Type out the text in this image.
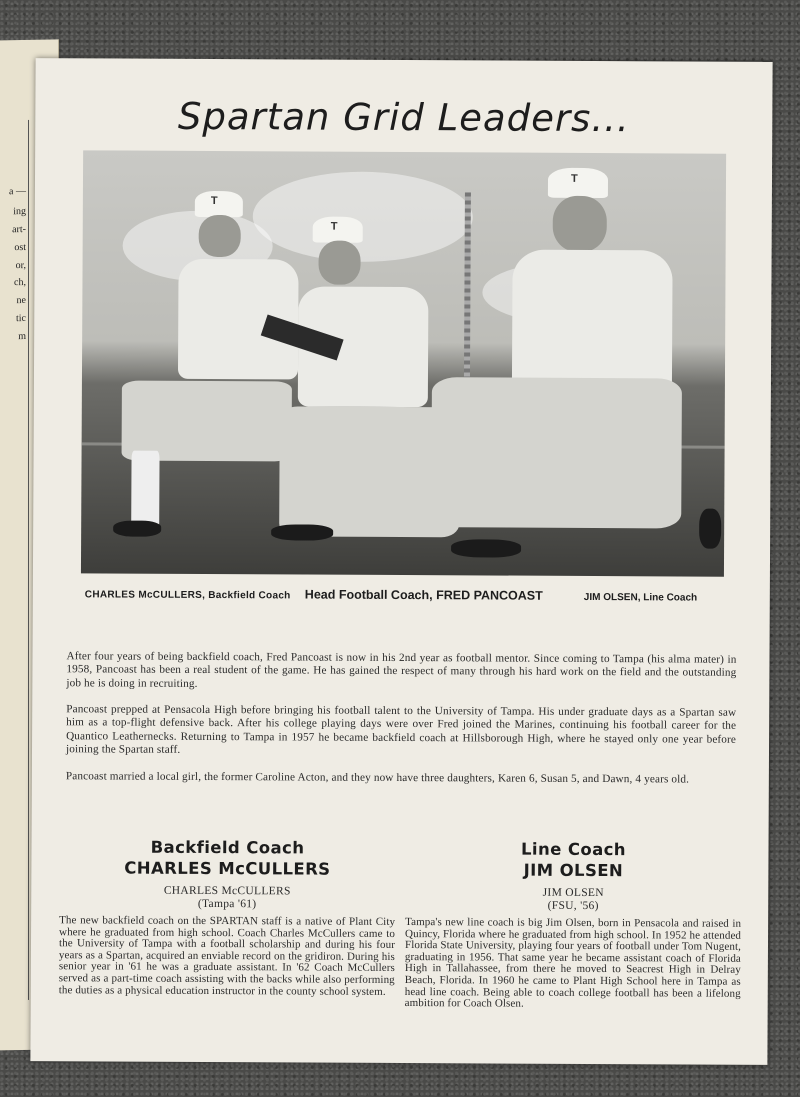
a —
ing
art-
ost
or,
ch,
ne
tic
m
Spartan Grid Leaders...
T
T
T
CHARLES McCULLERS, Backfield Coach Head Football Coach, FRED PANCOAST	JIM OLSEN, Line Coach
After four years of being backfield coach, Fred Pancoast is now in his 2nd year as football mentor. Since coming to Tampa (his alma mater) in 1958, Pancoast has been a real student of the game. He has gained the respect of many through his hard work on the field and the outstanding job he is doing in recruiting.
Pancoast prepped at Pensacola High before bringing his football talent to the University of Tampa. His under graduate days as a Spartan saw him as a top-flight defensive back. After his college playing days were over Fred joined the Marines, continuing his football career for the Quantico Leathernecks. Returning to Tampa in 1957 he became backfield coach at Hillsborough High, where he stayed only one year before joining the Spartan staff.
Pancoast married a local girl, the former Caroline Acton, and they now have three daughters, Karen 6, Susan 5, and Dawn, 4 years old.
Backfield Coach
CHARLES McCULLERS
CHARLES McCULLERS
(Tampa '61)
The new backfield coach on the SPARTAN staff is a native of Plant City where he graduated from high school. Coach Charles McCullers came to the University of Tampa with a football scholarship and during his four years as a Spartan, acquired an enviable record on the gridiron. During his senior year in '61 he was a graduate assistant. In '62 Coach McCullers served as a part-time coach assisting with the backs while also performing the duties as a physical education instructor in the county school system.
Line Coach
JIM OLSEN
JIM OLSEN
(FSU, '56)
Tampa's new line coach is big Jim Olsen, born in Pensacola and raised in Quincy, Florida where he graduated from high school. In 1952 he attended Florida State University, playing four years of football under Tom Nugent, graduating in 1956. That same year he became assistant coach of Florida High in Tallahassee, from there he moved to Seacrest High in Delray Beach, Florida. In 1960 he came to Plant High School here in Tampa as head line coach. Being able to coach college football has been a lifelong ambition for Coach Olsen.
